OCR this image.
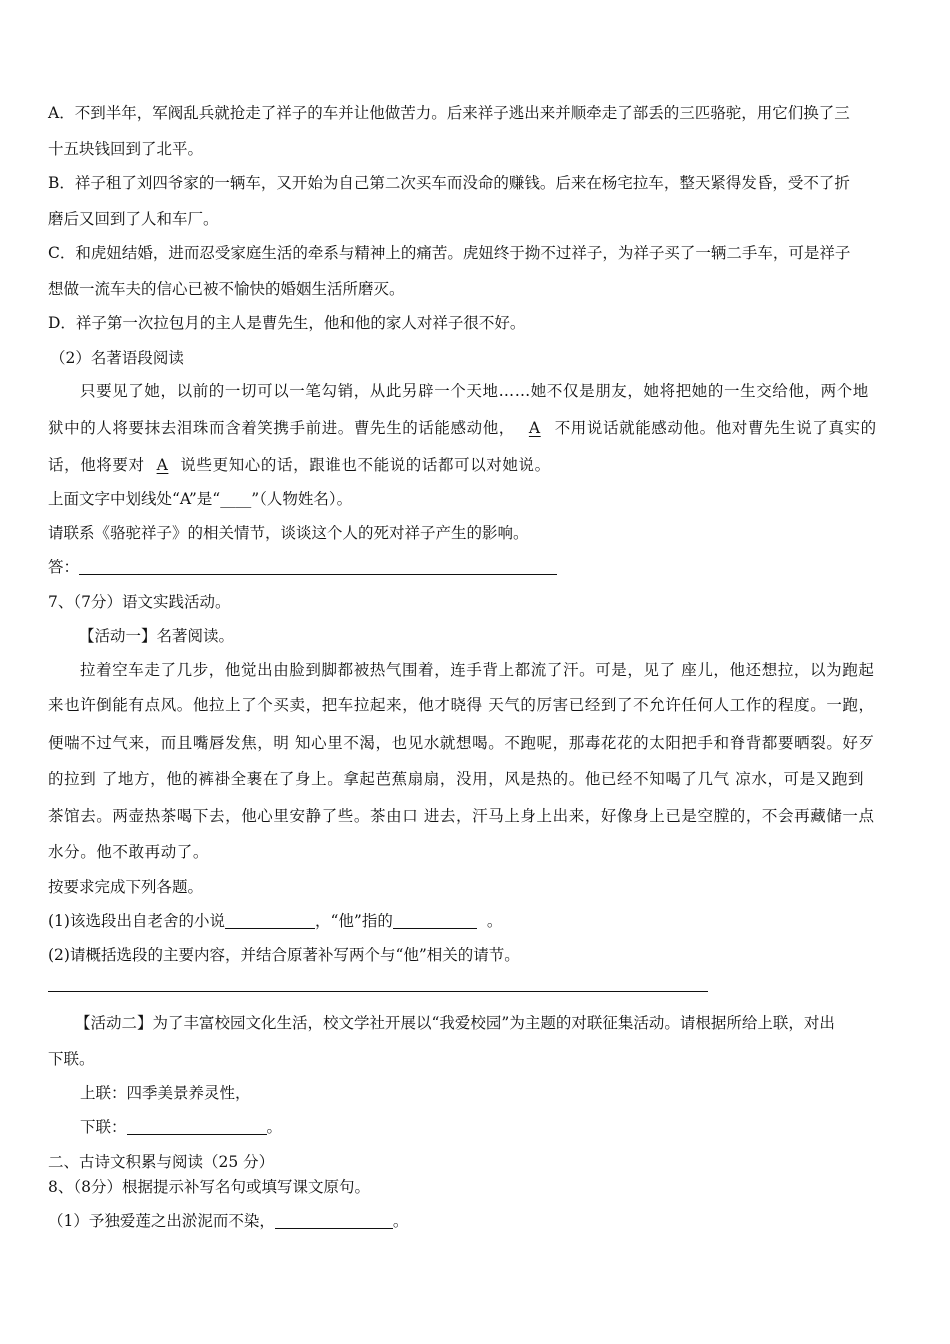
A．不到半年，军阀乱兵就抢走了祥子的车并让他做苦力。后来祥子逃出来并顺牵走了部丢的三匹骆驼，用它们换了三
十五块钱回到了北平。
B．祥子租了刘四爷家的一辆车，又开始为自己第二次买车而没命的赚钱。后来在杨宅拉车，整天紧得发昏，受不了折
磨后又回到了人和车厂。
C．和虎妞结婚，进而忍受家庭生活的牵系与精神上的痛苦。虎妞终于拗不过祥子，为祥子买了一辆二手车，可是祥子
想做一流车夫的信心已被不愉快的婚姻生活所磨灭。
D．祥子第一次拉包月的主人是曹先生，他和他的家人对祥子很不好。
（2）名著语段阅读
只要见了她，以前的一切可以一笔勾销，从此另辟一个天地……她不仅是朋友，她将把她的一生交给他，两个地
狱中的人将要抹去泪珠而含着笑携手前进。曹先生的话能感动他， A 不用说话就能感动他。他对曹先生说了真实的
话，他将要对 A 说些更知心的话，跟谁也不能说的话都可以对她说。
上面文字中划线处“A”是“____”（人物姓名）。
请联系《骆驼祥子》的相关情节，谈谈这个人的死对祥子产生的影响。
答：
7、（7分）语文实践活动。
【活动一】名著阅读。
拉着空车走了几步，他觉出由脸到脚都被热气围着，连手背上都流了汗。可是，见了 座儿，他还想拉，以为跑起
来也许倒能有点风。他拉上了个买卖，把车拉起来，他才晓得 天气的厉害已经到了不允许任何人工作的程度。一跑，
便喘不过气来，而且嘴唇发焦，明 知心里不渴，也见水就想喝。不跑呢，那毒花花的太阳把手和脊背都要晒裂。好歹
的拉到 了地方，他的裤褂全裹在了身上。拿起芭蕉扇扇，没用，风是热的。他已经不知喝了几气 凉水，可是又跑到
茶馆去。两壶热茶喝下去，他心里安静了些。茶由口 进去，汗马上身上出来，好像身上已是空膛的，不会再藏储一点
水分。他不敢再动了。
按要求完成下列各题。
(1)该选段出自老舍的小说	，“他”指的	。
(2)请概括选段的主要内容，并结合原著补写两个与“他”相关的请节。
【活动二】为了丰富校园文化生活，校文学社开展以“我爱校园”为主题的对联征集活动。请根据所给上联，对出
下联。
上联：四季美景养灵性，
下联：	。
二、古诗文积累与阅读（25 分）
8、（8分）根据提示补写名句或填写课文原句。
（1）予独爱莲之出淤泥而不染，	。
